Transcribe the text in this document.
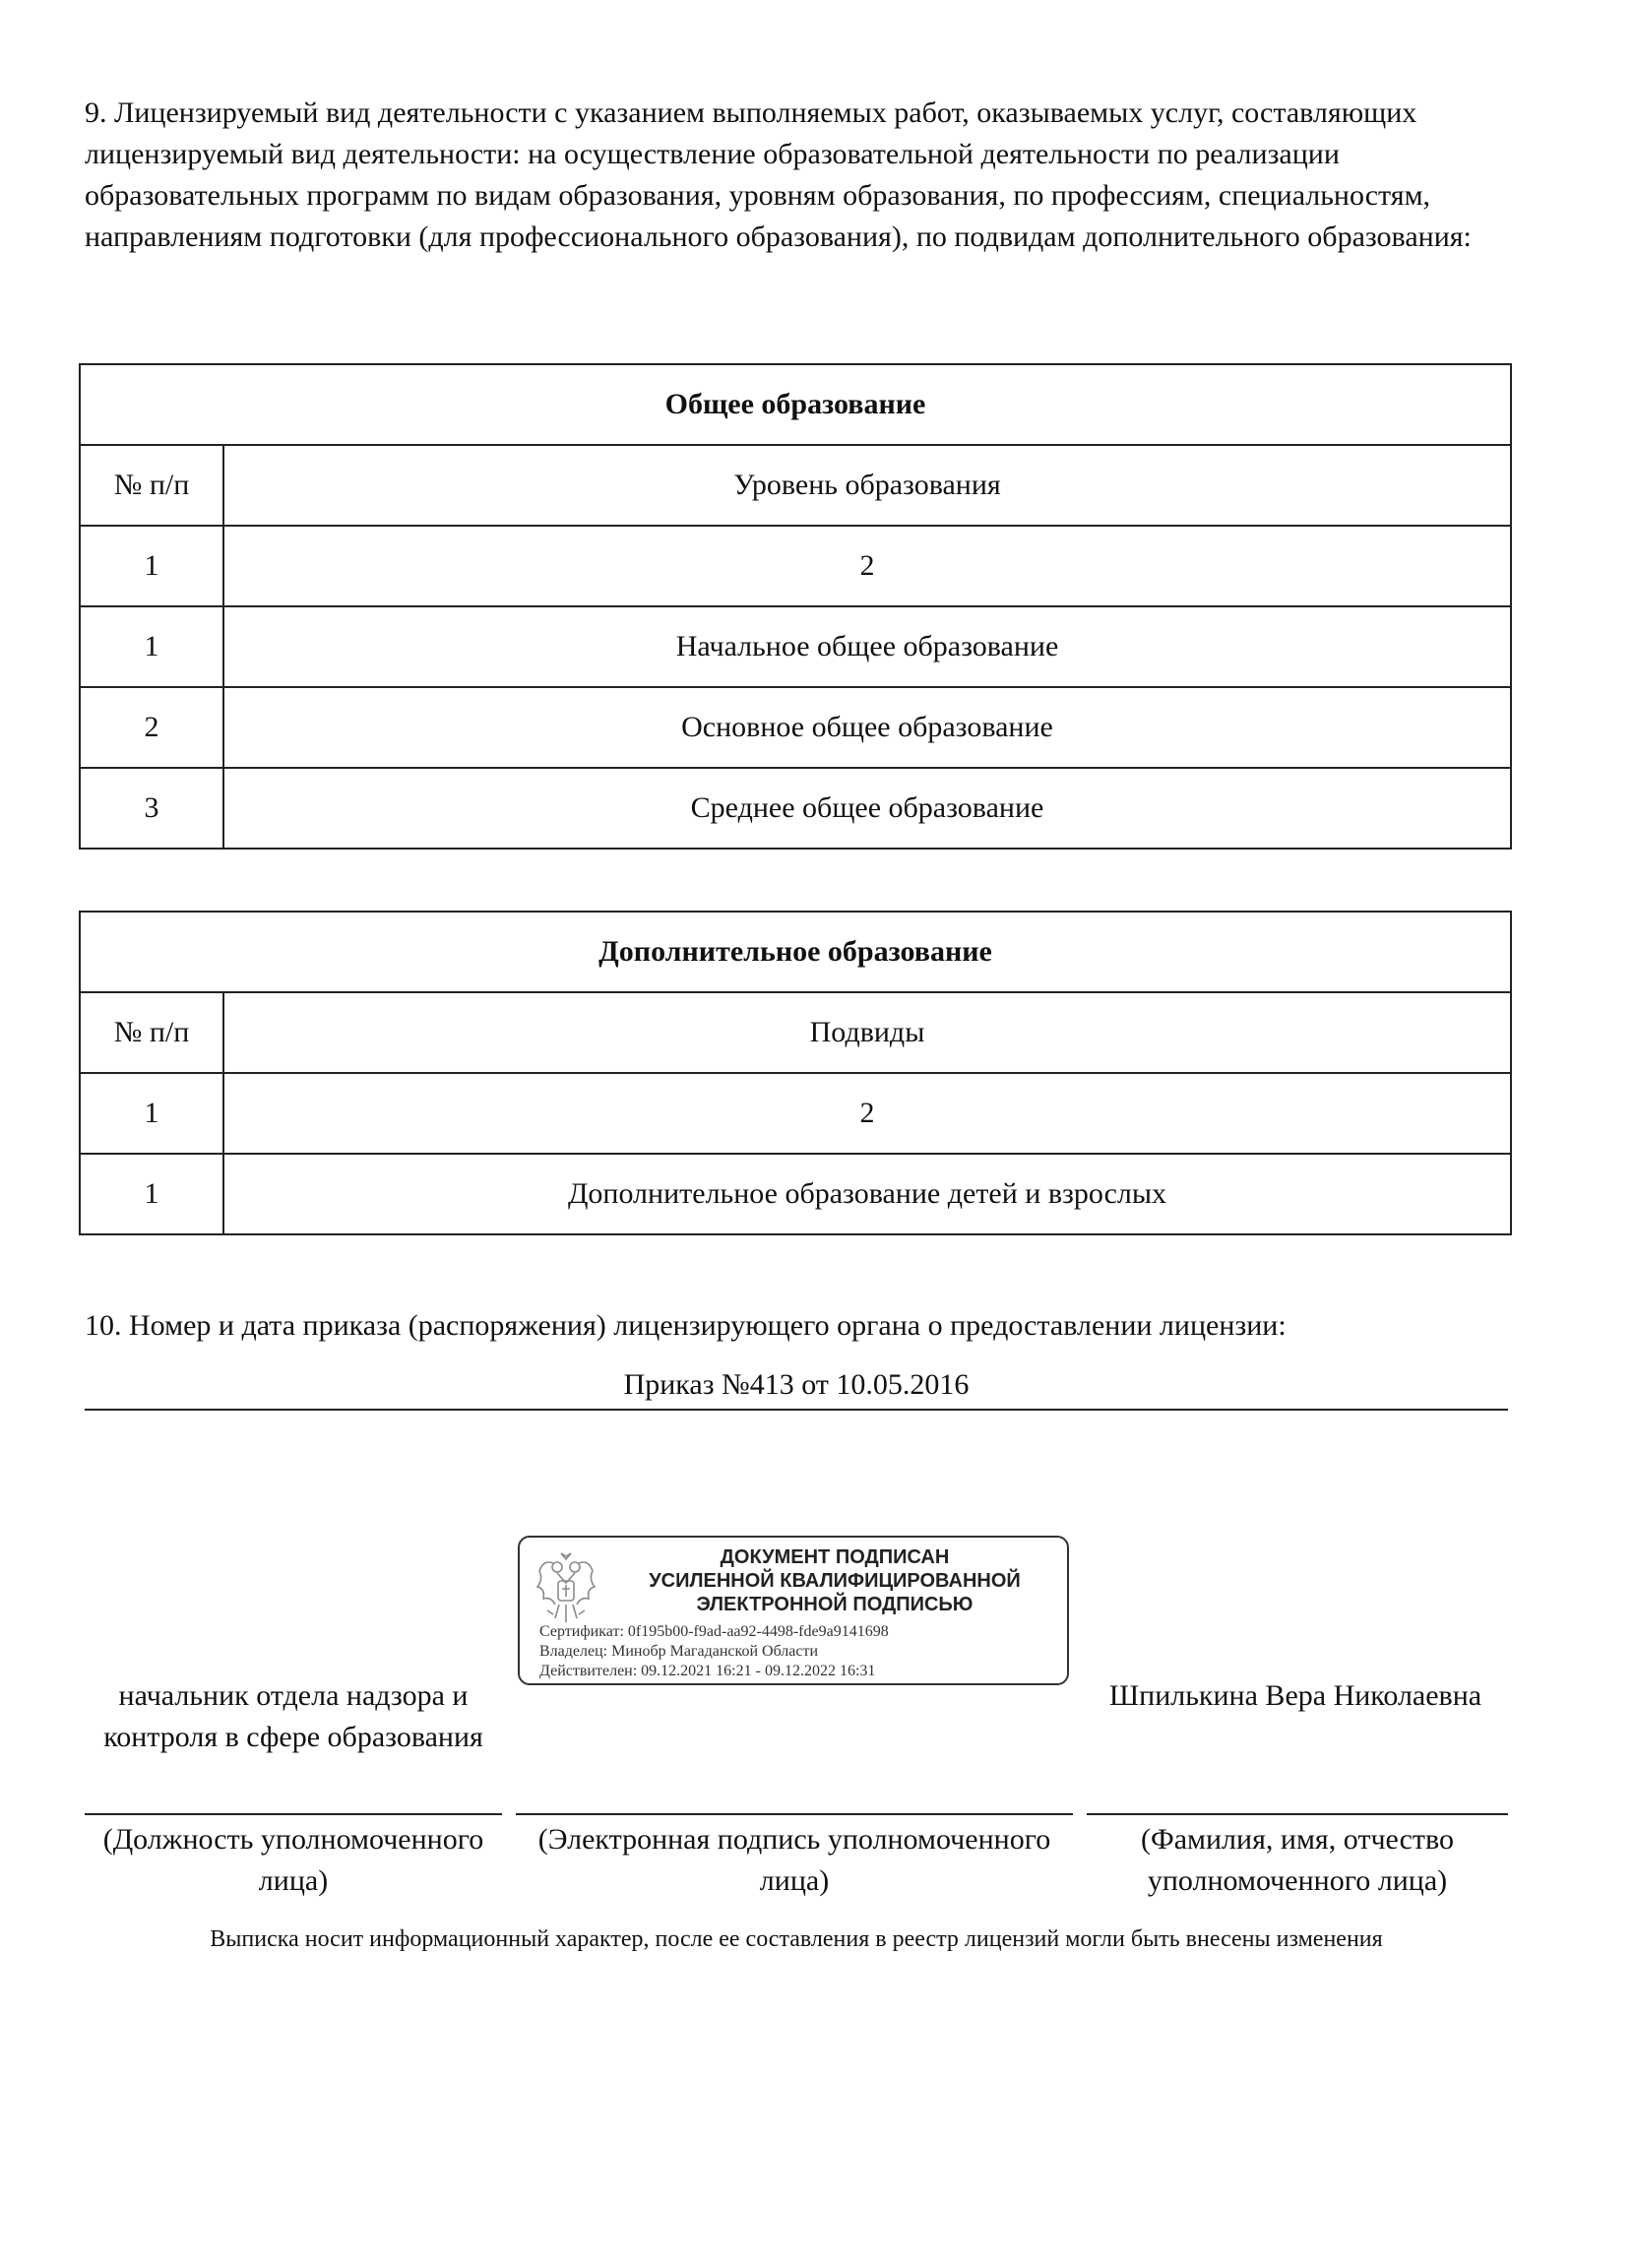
9. Лицензируемый вид деятельности с указанием выполняемых работ, оказываемых услуг, составляющих лицензируемый вид деятельности: на осуществление образовательной деятельности по реализации образовательных программ по видам образования, уровням образования, по профессиям, специальностям, направлениям подготовки (для профессионального образования), по подвидам дополнительного образования:
Общее образование	
№ п/п	Уровень образования
1	2
1	Начальное общее образование
2	Основное общее образование
3	Среднее общее образование
Дополнительное образование	
№ п/п	Подвиды
1	2
1	Дополнительное образование детей и взрослых
10. Номер и дата приказа (распоряжения) лицензирующего органа о предоставлении лицензии:
Приказ №413 от 10.05.2016
ДОКУМЕНТ ПОДПИСАН
УСИЛЕННОЙ КВАЛИФИЦИРОВАННОЙ
ЭЛЕКТРОННОЙ ПОДПИСЬЮ
Сертификат: 0f195b00-f9ad-aa92-4498-fde9a9141698
Владелец: Минобр Магаданской Области
Действителен: 09.12.2021 16:21 - 09.12.2022 16:31
начальник отдела надзора и контроля в сфере образования
Шпилькина Вера Николаевна
(Должность уполномоченного лица)
(Электронная подпись уполномоченного лица)
(Фамилия, имя, отчество уполномоченного лица)
Выписка носит информационный характер, после ее составления в реестр лицензий могли быть внесены изменения
